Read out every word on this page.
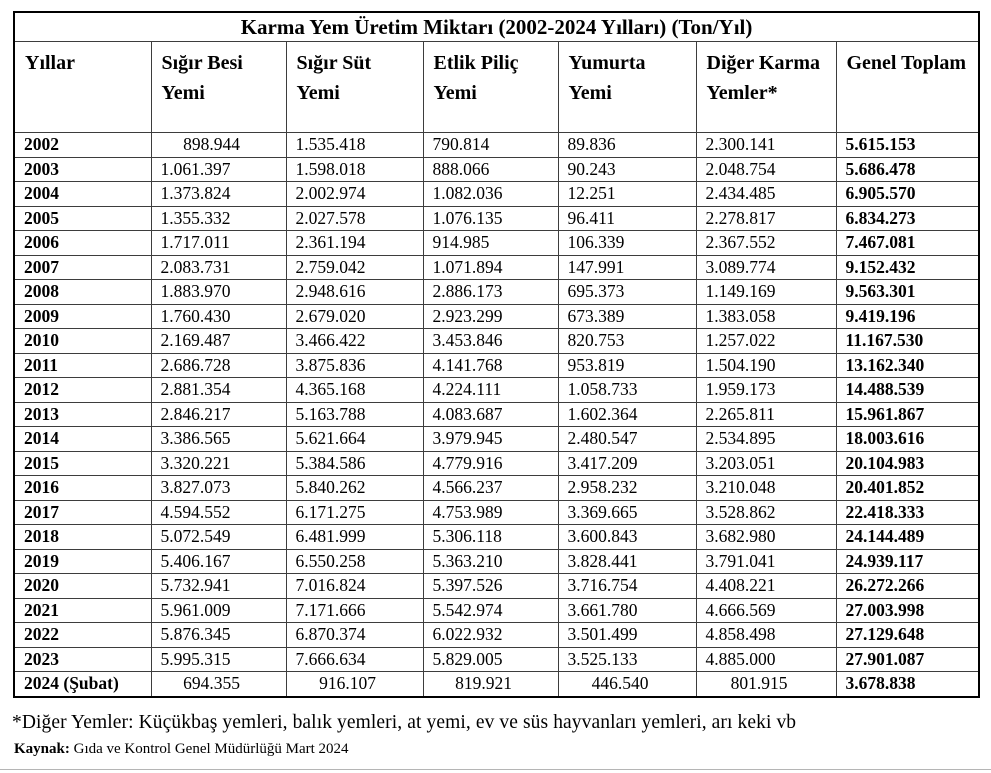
Karma Yem Üretim Miktarı (2002-2024 Yılları) (Ton/Yıl)						
Yıllar	Sığır Besi Yemi	Sığır Süt Yemi	Etlik Piliç Yemi	Yumurta Yemi	Diğer Karma Yemler*	Genel Toplam
2002	898.944	1.535.418	790.814	89.836	2.300.141	5.615.153
2003	1.061.397	1.598.018	888.066	90.243	2.048.754	5.686.478
2004	1.373.824	2.002.974	1.082.036	12.251	2.434.485	6.905.570
2005	1.355.332	2.027.578	1.076.135	96.411	2.278.817	6.834.273
2006	1.717.011	2.361.194	914.985	106.339	2.367.552	7.467.081
2007	2.083.731	2.759.042	1.071.894	147.991	3.089.774	9.152.432
2008	1.883.970	2.948.616	2.886.173	695.373	1.149.169	9.563.301
2009	1.760.430	2.679.020	2.923.299	673.389	1.383.058	9.419.196
2010	2.169.487	3.466.422	3.453.846	820.753	1.257.022	11.167.530
2011	2.686.728	3.875.836	4.141.768	953.819	1.504.190	13.162.340
2012	2.881.354	4.365.168	4.224.111	1.058.733	1.959.173	14.488.539
2013	2.846.217	5.163.788	4.083.687	1.602.364	2.265.811	15.961.867
2014	3.386.565	5.621.664	3.979.945	2.480.547	2.534.895	18.003.616
2015	3.320.221	5.384.586	4.779.916	3.417.209	3.203.051	20.104.983
2016	3.827.073	5.840.262	4.566.237	2.958.232	3.210.048	20.401.852
2017	4.594.552	6.171.275	4.753.989	3.369.665	3.528.862	22.418.333
2018	5.072.549	6.481.999	5.306.118	3.600.843	3.682.980	24.144.489
2019	5.406.167	6.550.258	5.363.210	3.828.441	3.791.041	24.939.117
2020	5.732.941	7.016.824	5.397.526	3.716.754	4.408.221	26.272.266
2021	5.961.009	7.171.666	5.542.974	3.661.780	4.666.569	27.003.998
2022	5.876.345	6.870.374	6.022.932	3.501.499	4.858.498	27.129.648
2023	5.995.315	7.666.634	5.829.005	3.525.133	4.885.000	27.901.087
2024 (Şubat)	694.355	916.107	819.921	446.540	801.915	3.678.838
*Diğer Yemler: Küçükbaş yemleri, balık yemleri, at yemi, ev ve süs hayvanları yemleri, arı keki vb
Kaynak: Gıda ve Kontrol Genel Müdürlüğü Mart 2024
